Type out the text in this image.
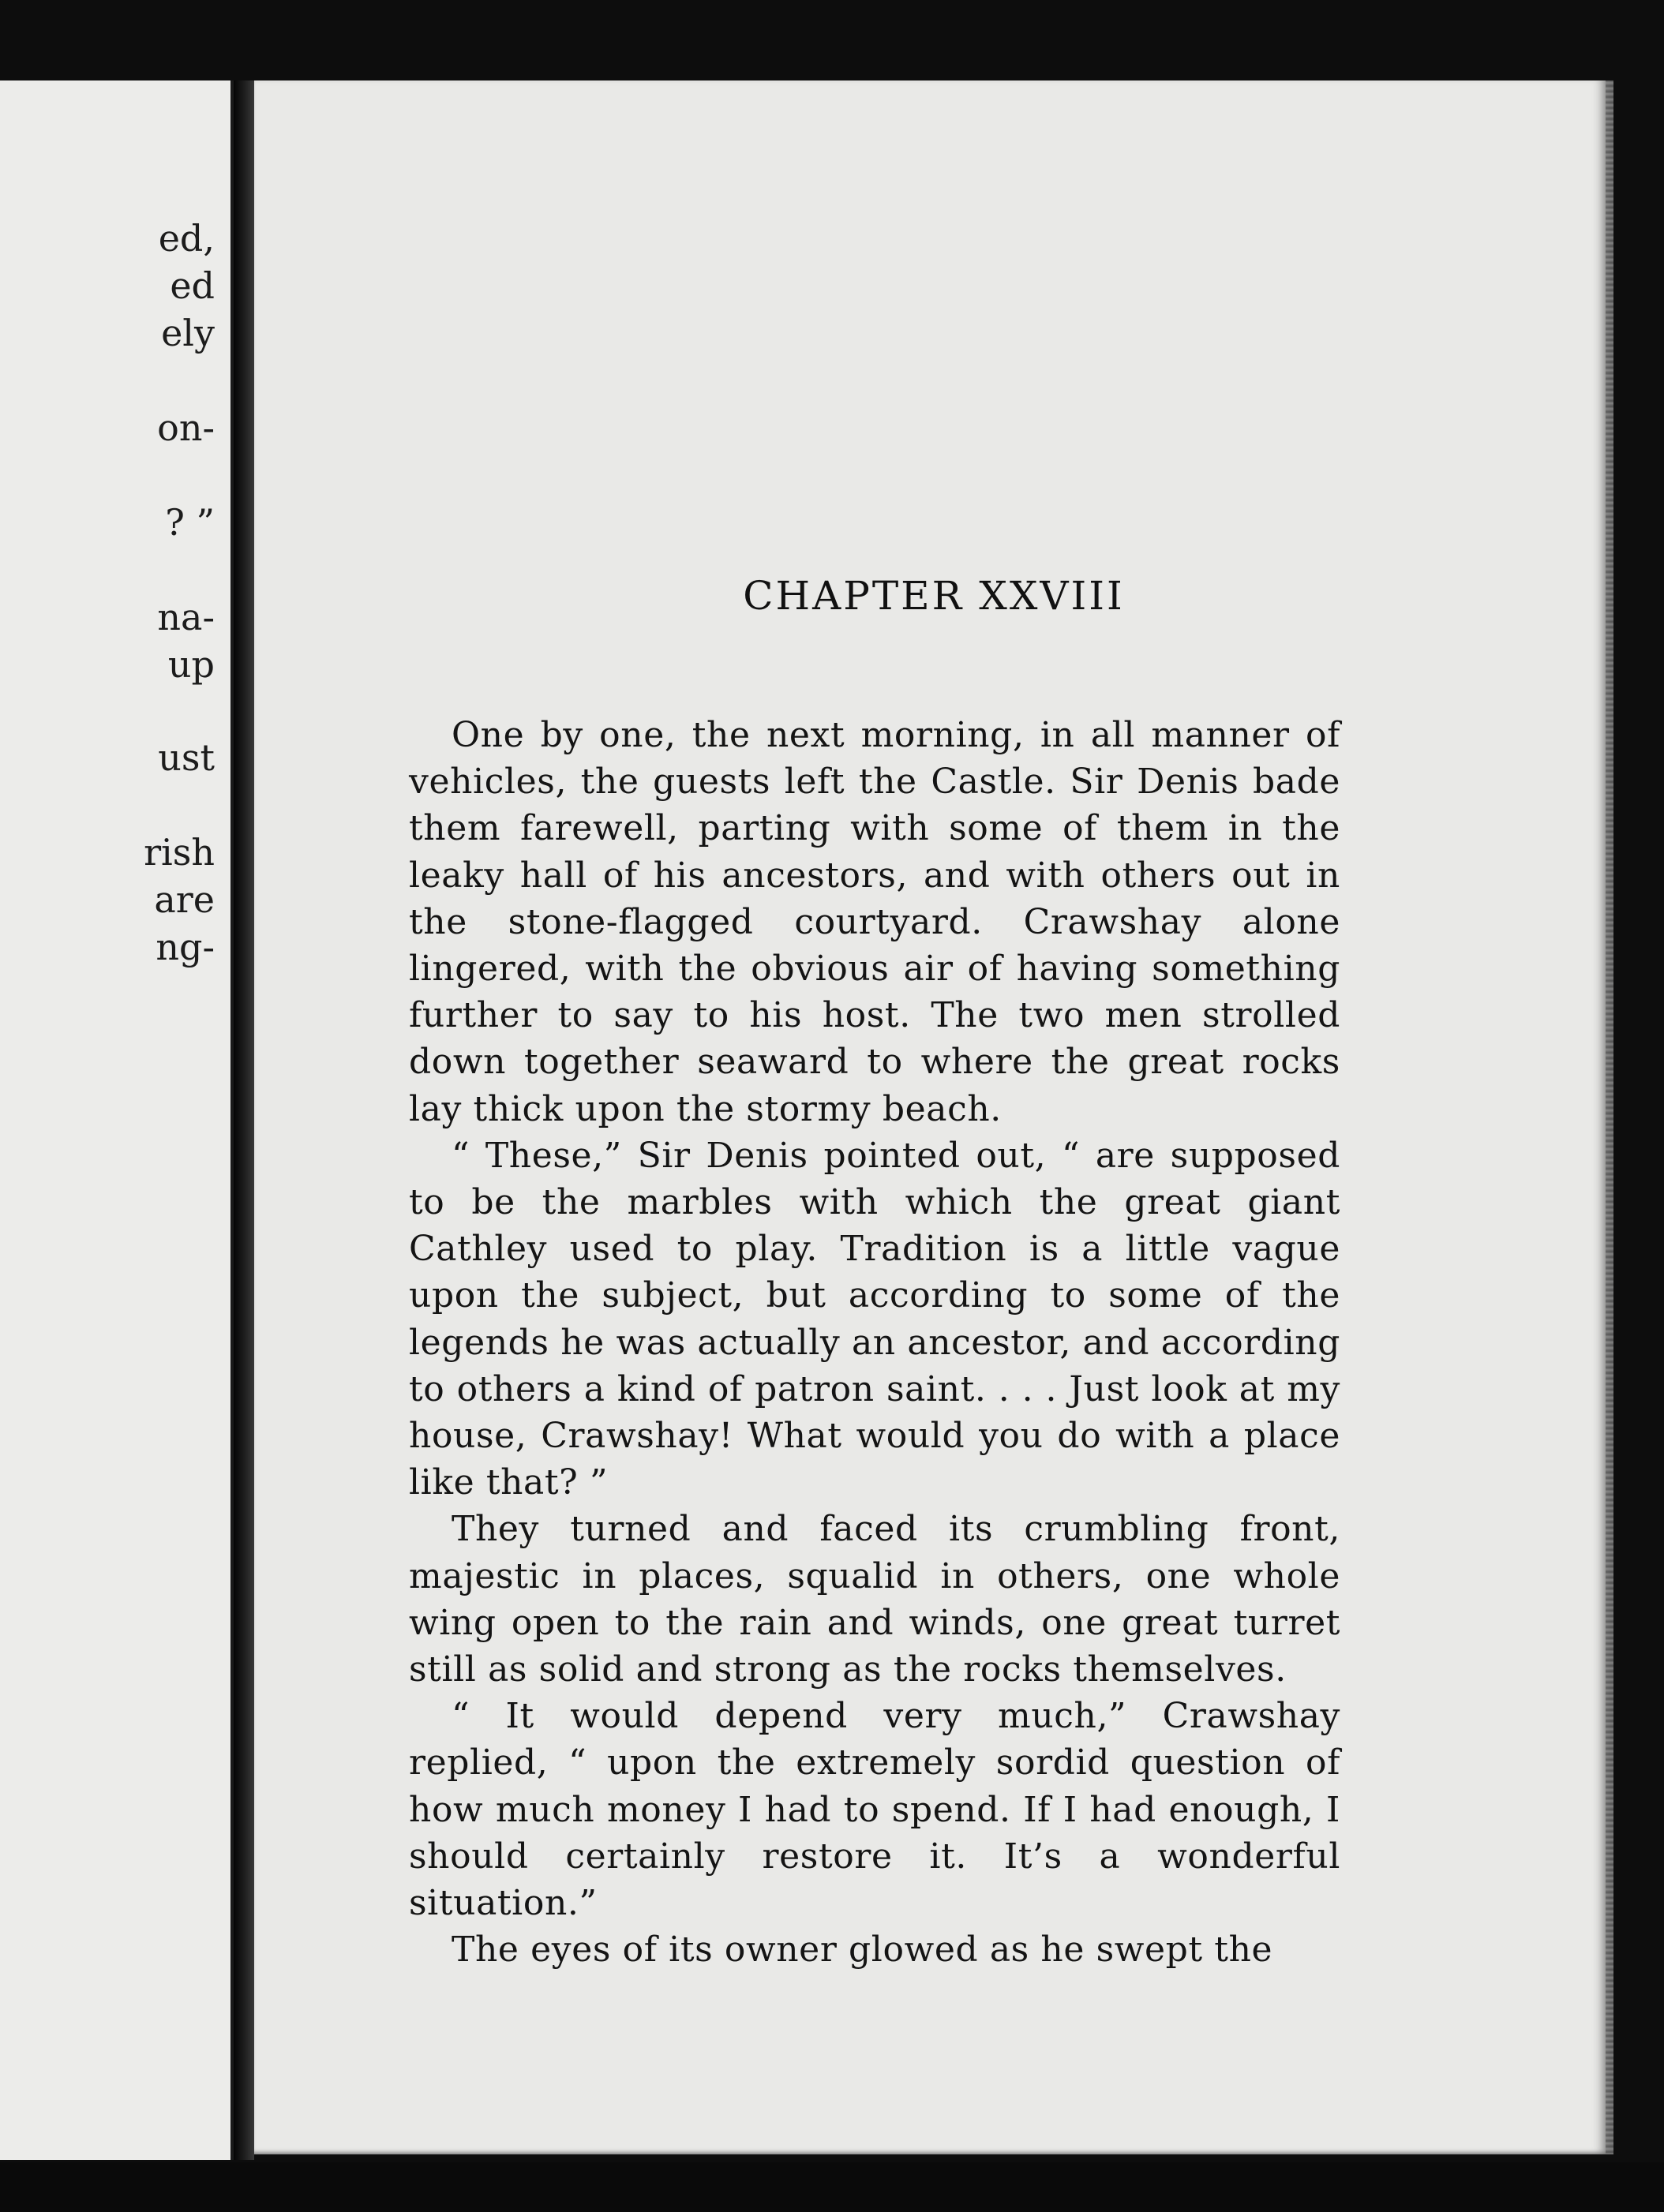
ed,
ed
ely
on-
? ”
na-
up
ust
rish
are
ng-
CHAPTER XXVIII

One by one, the next morning, in all manner of vehicles, the guests left the Castle. Sir Denis bade them farewell, parting with some of them in the leaky hall of his ancestors, and with others out in the stone-flagged courtyard. Crawshay alone lingered, with the obvious air of having something further to say to his host. The two men strolled down together seaward to where the great rocks lay thick upon the stormy beach.

“ These,” Sir Denis pointed out, “ are supposed to be the marbles with which the great giant Cathley used to play. Tradition is a little vague upon the subject, but according to some of the legends he was actually an ancestor, and according to others a kind of patron saint. . . . Just look at my house, Crawshay! What would you do with a place like that? ”

They turned and faced its crumbling front, majestic in places, squalid in others, one whole wing open to the rain and winds, one great turret still as solid and strong as the rocks themselves.

“ It would depend very much,” Crawshay replied, “ upon the extremely sordid question of how much money I had to spend. If I had enough, I should certainly restore it. It’s a wonderful situation.”

The eyes of its owner glowed as he swept the
